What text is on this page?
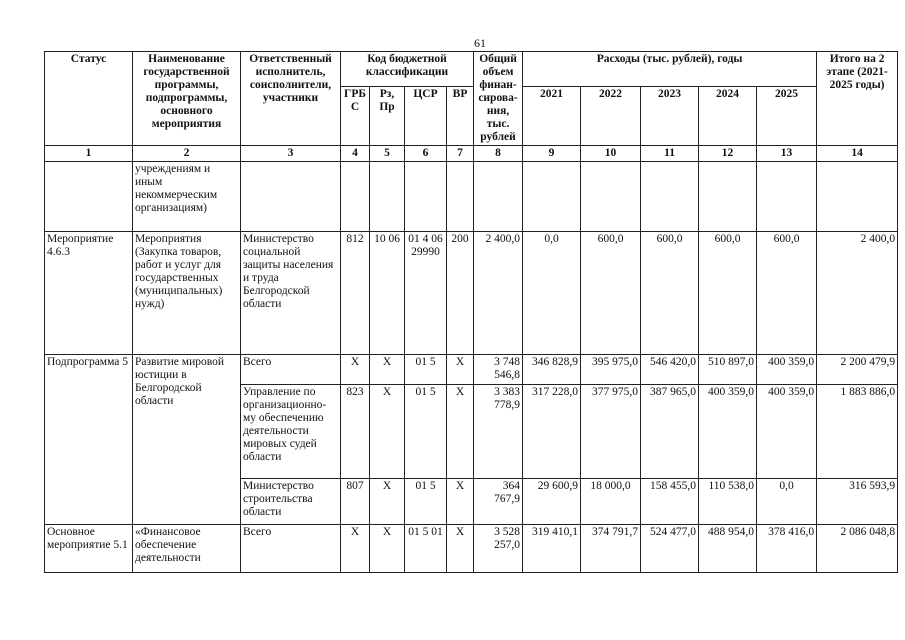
61
Статус	Наименование государственной программы, подпрограммы, основного мероприятия	Ответственный исполнитель, соисполнители, участники	Код бюджетной классификации				Общий объем финан-сирова-ния, тыс. рублей	Расходы (тыс. рублей), годы					Итого на 2 этапе (2021-2025 годы)
			ГРБ С	Рз, Пр	ЦСР	ВР		2021	2022	2023	2024	2025	
1	2	3	4	5	6	7	8	9	10	11	12	13	14
	учреждениям и иным некоммерческим организациям)												
Мероприятие 4.6.3	Мероприятия (Закупка товаров, работ и услуг для государственных (муниципальных) нужд)	Министерство социальной защиты населения и труда Белгородской области	812	10 06	01 4 06 29990	200	2 400,0	0,0	600,0	600,0	600,0	600,0	2 400,0
Подпрограмма 5	Развитие мировой юстиции в Белгородской области	Всего	Х	Х	01 5	Х	3 748 546,8	346 828,9	395 975,0	546 420,0	510 897,0	400 359,0	2 200 479,9
		Управление по организационно-му обеспечению деятельности мировых судей области	823	Х	01 5	Х	3 383 778,9	317 228,0	377 975,0	387 965,0	400 359,0	400 359,0	1 883 886,0
		Министерство строительства области	807	Х	01 5	Х	364 767,9	29 600,9	18 000,0	158 455,0	110 538,0	0,0	316 593,9
Основное мероприятие 5.1	«Финансовое обеспечение деятельности	Всего	Х	Х	01 5 01	Х	3 528 257,0	319 410,1	374 791,7	524 477,0	488 954,0	378 416,0	2 086 048,8
